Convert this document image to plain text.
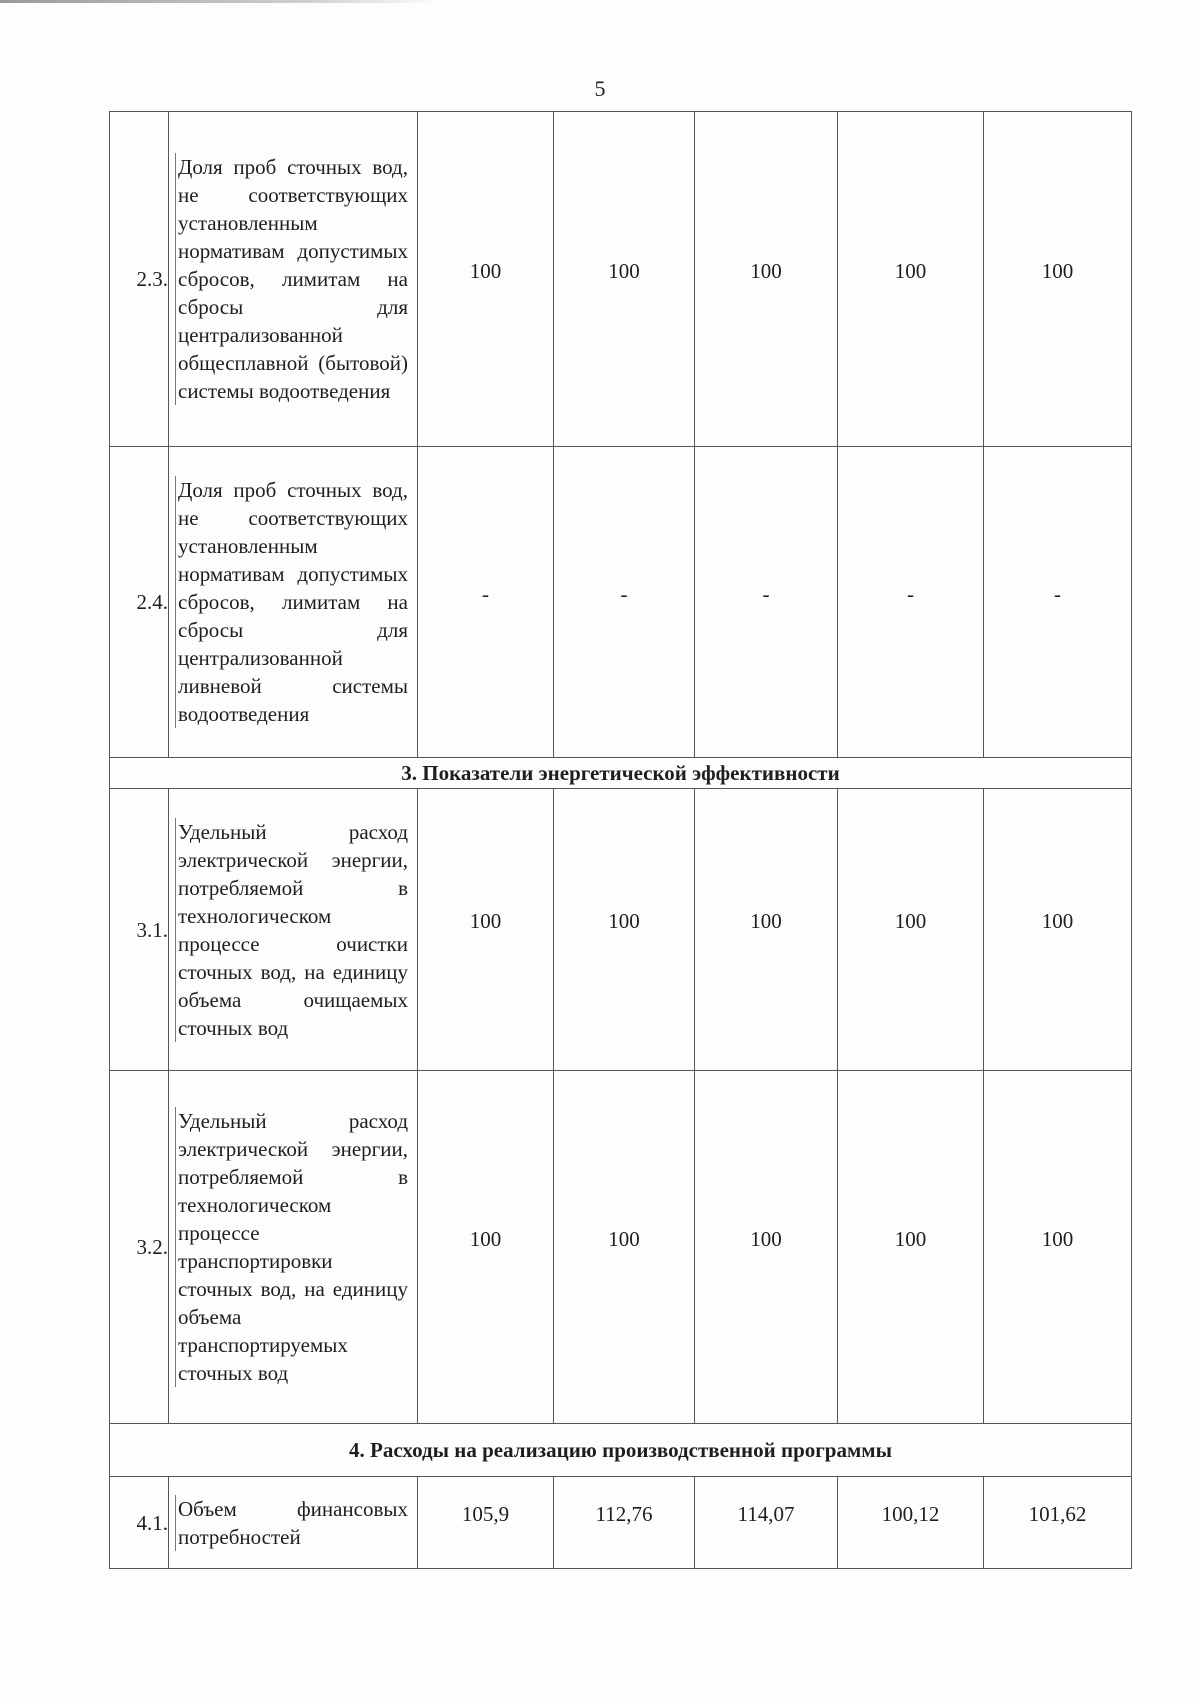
5
2.3.	Доля проб сточных вод, не соответствующих установленным нормативам допустимых сбросов, лимитам на сбросы для централизованной общесплавной (бытовой) системы водоотведения	100	100	100	100	100
2.4.	Доля проб сточных вод, не соответствующих установленным нормативам допустимых сбросов, лимитам на сбросы для централизованной ливневой системы водоотведения	-	-	-	-	-
3. Показатели энергетической эффективности						
3.1.	Удельный расход электрической энергии, потребляемой в технологическом процессе очистки сточных вод, на единицу объема очищаемых сточных вод	100	100	100	100	100
3.2.	Удельный расход электрической энергии, потребляемой в технологическом процессе транспортировки сточных вод, на единицу объема транспортируемых сточных вод	100	100	100	100	100
4. Расходы на реализацию производственной программы						
4.1.	Объем финансовых потребностей	105,9	112,76	114,07	100,12	101,62
